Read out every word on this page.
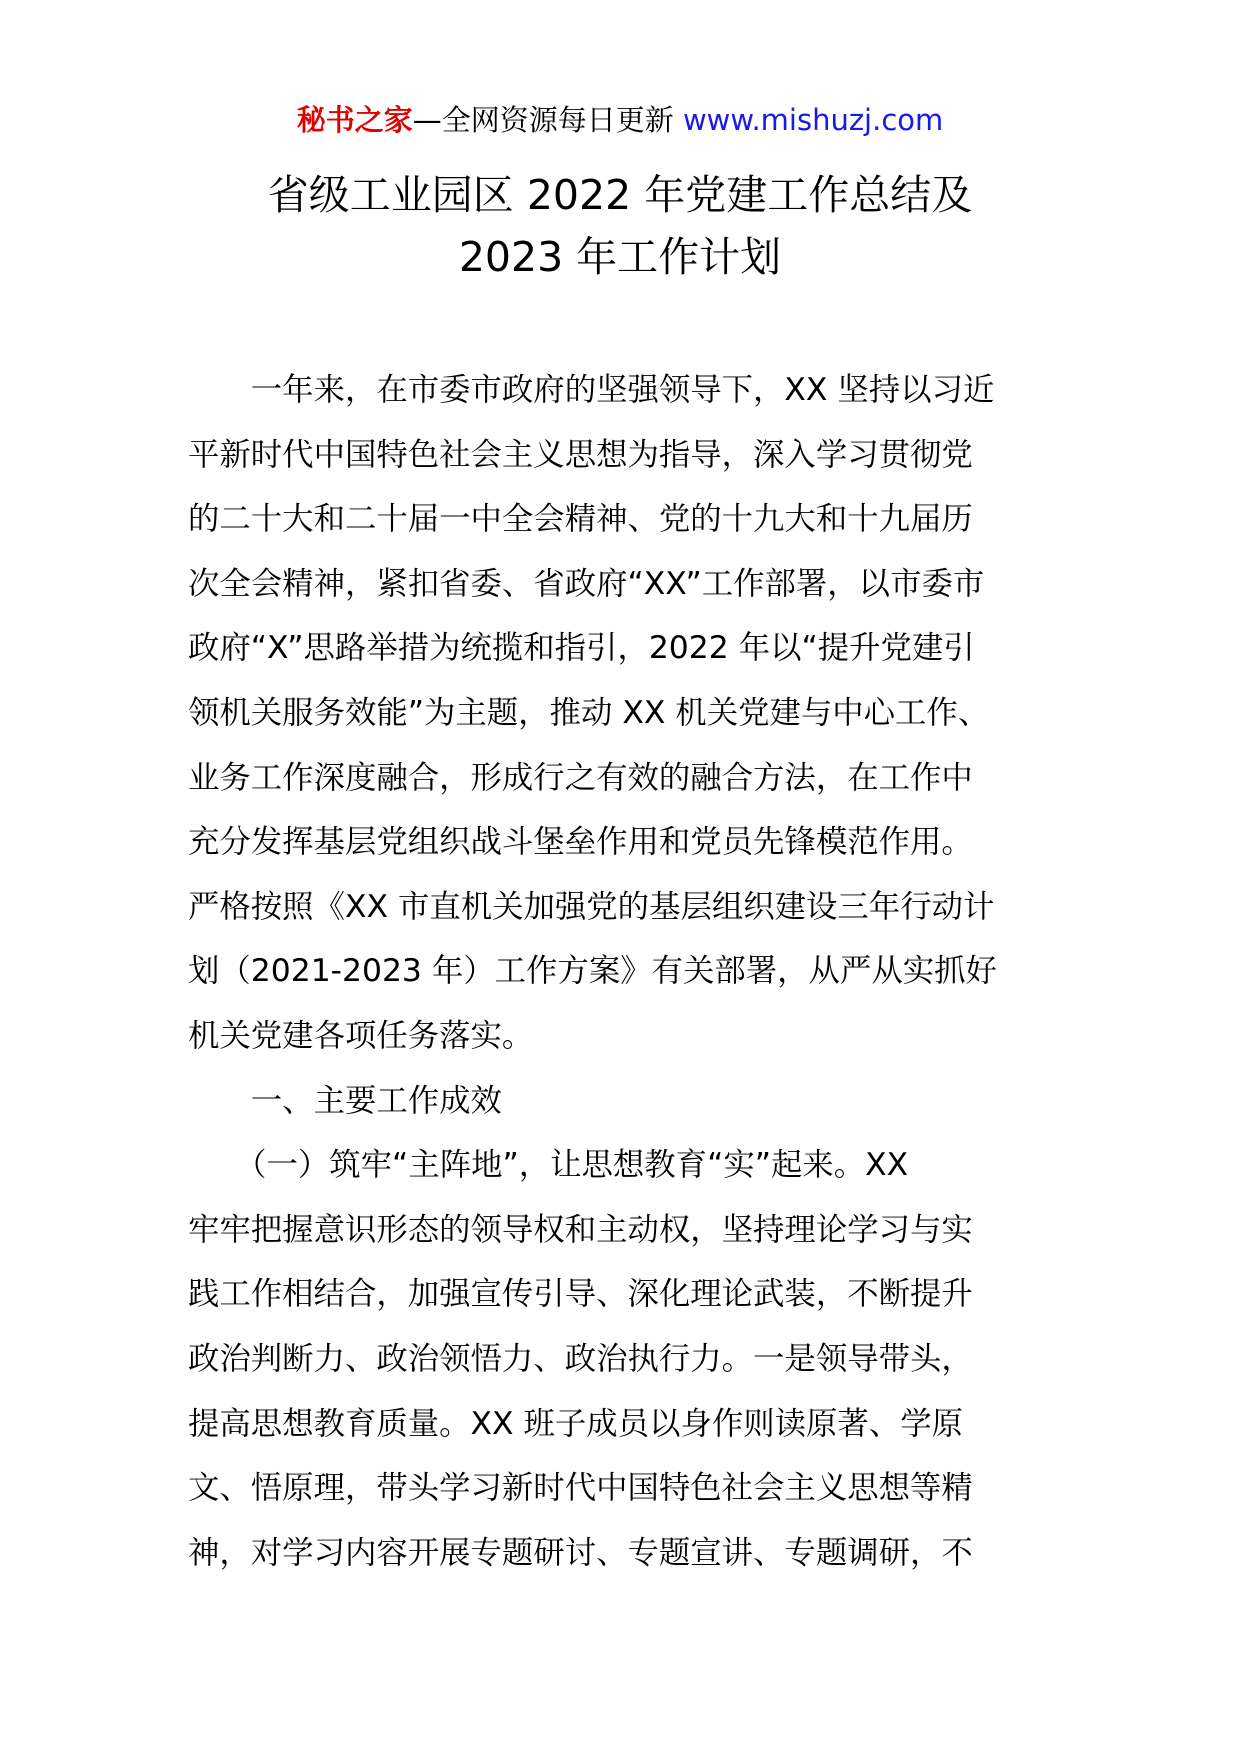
秘书之家—全网资源每日更新 www.mishuzj.com
省级工业园区 2022 年党建工作总结及
2023 年工作计划
　　一年来，在市委市政府的坚强领导下，XX 坚持以习近
平新时代中国特色社会主义思想为指导，深入学习贯彻党
的二十大和二十届一中全会精神、党的十九大和十九届历
次全会精神，紧扣省委、省政府“XX”工作部署，以市委市
政府“X”思路举措为统揽和指引，2022 年以“提升党建引
领机关服务效能”为主题，推动 XX 机关党建与中心工作、
业务工作深度融合，形成行之有效的融合方法，在工作中
充分发挥基层党组织战斗堡垒作用和党员先锋模范作用。
严格按照《XX 市直机关加强党的基层组织建设三年行动计
划（2021-2023 年）工作方案》有关部署，从严从实抓好
机关党建各项任务落实。
　　一、主要工作成效
　　（一）筑牢“主阵地”，让思想教育“实”起来。XX
牢牢把握意识形态的领导权和主动权，坚持理论学习与实
践工作相结合，加强宣传引导、深化理论武装，不断提升
政治判断力、政治领悟力、政治执行力。一是领导带头，
提高思想教育质量。XX 班子成员以身作则读原著、学原
文、悟原理，带头学习新时代中国特色社会主义思想等精
神，对学习内容开展专题研讨、专题宣讲、专题调研，不
